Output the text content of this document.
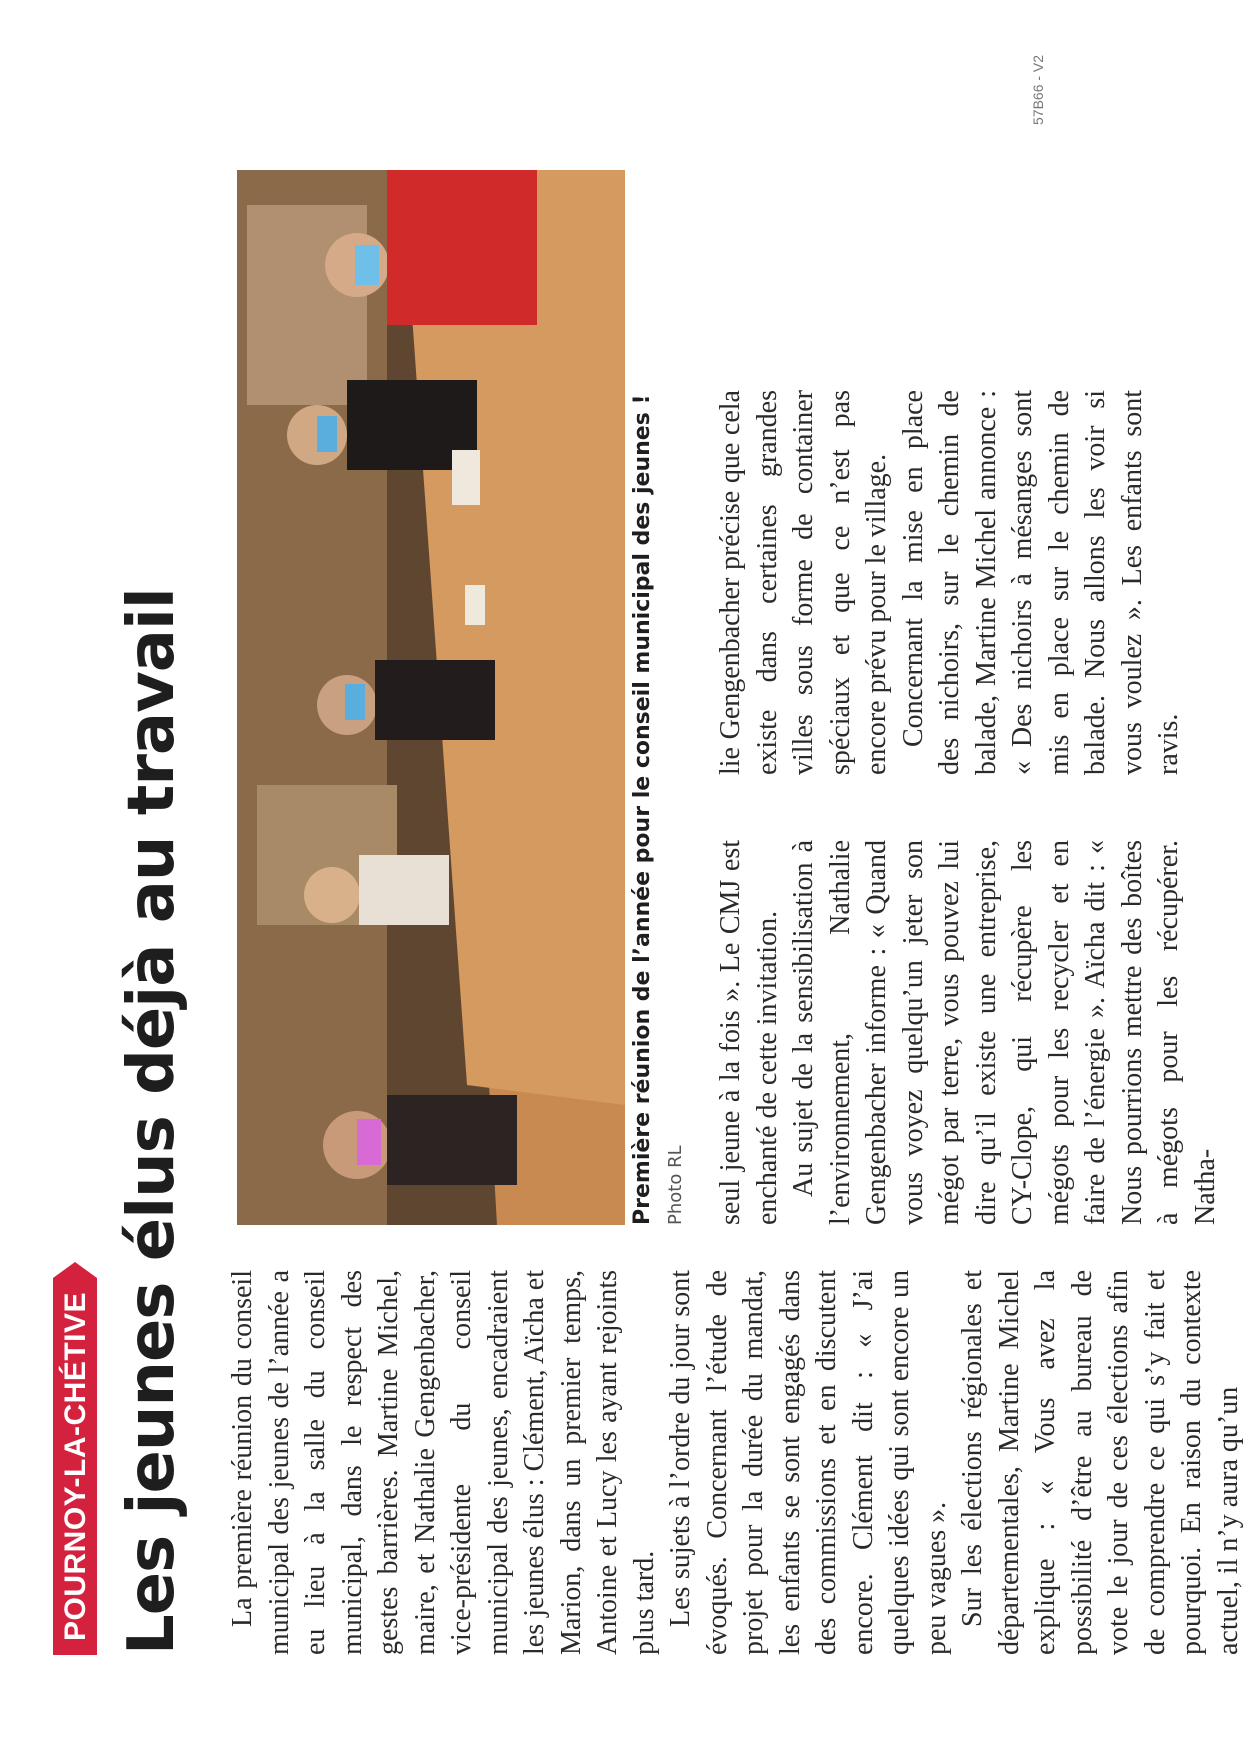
POURNOY-LA-CHÉTIVE Les jeunes élus déjà au travail La première réunion du conseil municipal des jeunes de l’année a eu lieu à la salle du conseil municipal, dans le respect des gestes barrières. Martine Michel, maire, et Nathalie Gengenbacher, vice-présidente du conseil municipal des jeunes, encadraient les jeunes élus : Clément, Aïcha et Marion, dans un premier temps, Antoine et Lucy les ayant rejoints plus tard. Les sujets à l’ordre du jour sont évoqués. Concernant l’étude de projet pour la durée du mandat, les enfants se sont engagés dans des commissions et en discutent encore. Clément dit : « J’ai quelques idées qui sont encore un peu vagues ». Sur les élections régionales et départementales, Martine Michel explique : « Vous avez la possibilité d’être au bureau de vote le jour de ces élections afin de comprendre ce qui s’y fait et pourquoi. En raison du contexte actuel, il n’y aura qu’un

Première réunion de l’année pour le conseil municipal des jeunes ! Photo RL seul jeune à la fois ». Le CMJ est enchanté de cette invitation. Au sujet de la sensibilisation à l’environnement, Nathalie Gengenbacher informe : « Quand vous voyez quelqu’un jeter son mégot par terre, vous pouvez lui dire qu’il existe une entreprise, CY-Clope, qui récupère les mégots pour les recycler et en faire de l’énergie ». Aïcha dit : « Nous pourrions mettre des boîtes à mégots pour les récupérer. Natha-

lie Gengenbacher précise que cela existe dans certaines grandes villes sous forme de container spéciaux et que ce n’est pas encore prévu pour le village. Concernant la mise en place des nichoirs, sur le chemin de balade, Martine Michel annonce : « Des nichoirs à mésanges sont mis en place sur le chemin de balade. Nous allons les voir si vous voulez ». Les enfants sont ravis.

57B66 - V2
